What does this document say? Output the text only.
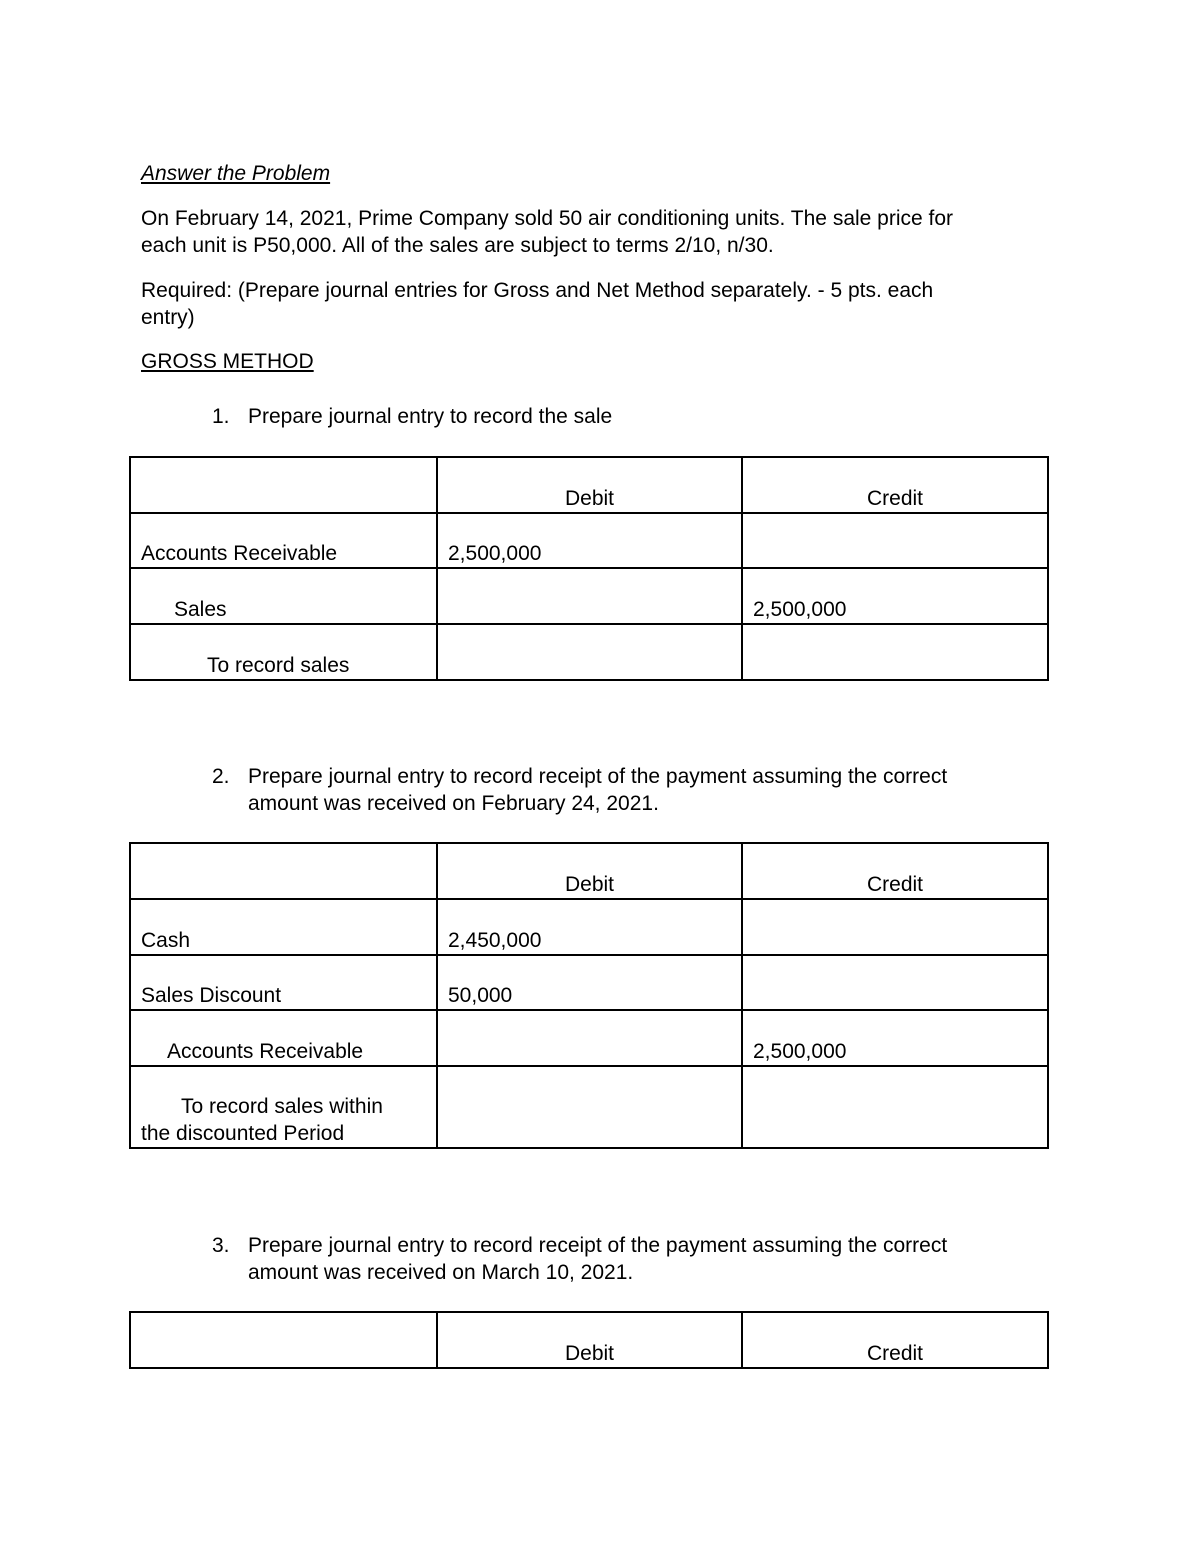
Answer the Problem
On February 14, 2021, Prime Company sold 50 air conditioning units. The sale price for
each unit is P50,000. All of the sales are subject to terms 2/10, n/30.
Required: (Prepare journal entries for Gross and Net Method separately. - 5 pts. each
entry)
GROSS METHOD
1. Prepare journal entry to record the sale
	Debit	Credit
Accounts Receivable	2,500,000	
Sales		2,500,000
To record sales		
2. Prepare journal entry to record receipt of the payment assuming the correct
amount was received on February 24, 2021.
	Debit	Credit
Cash	2,450,000	
Sales Discount	50,000	
Accounts Receivable		2,500,000

To record sales within
the discounted Period		

3. Prepare journal entry to record receipt of the payment assuming the correct
amount was received on March 10, 2021.
	Debit	Credit
